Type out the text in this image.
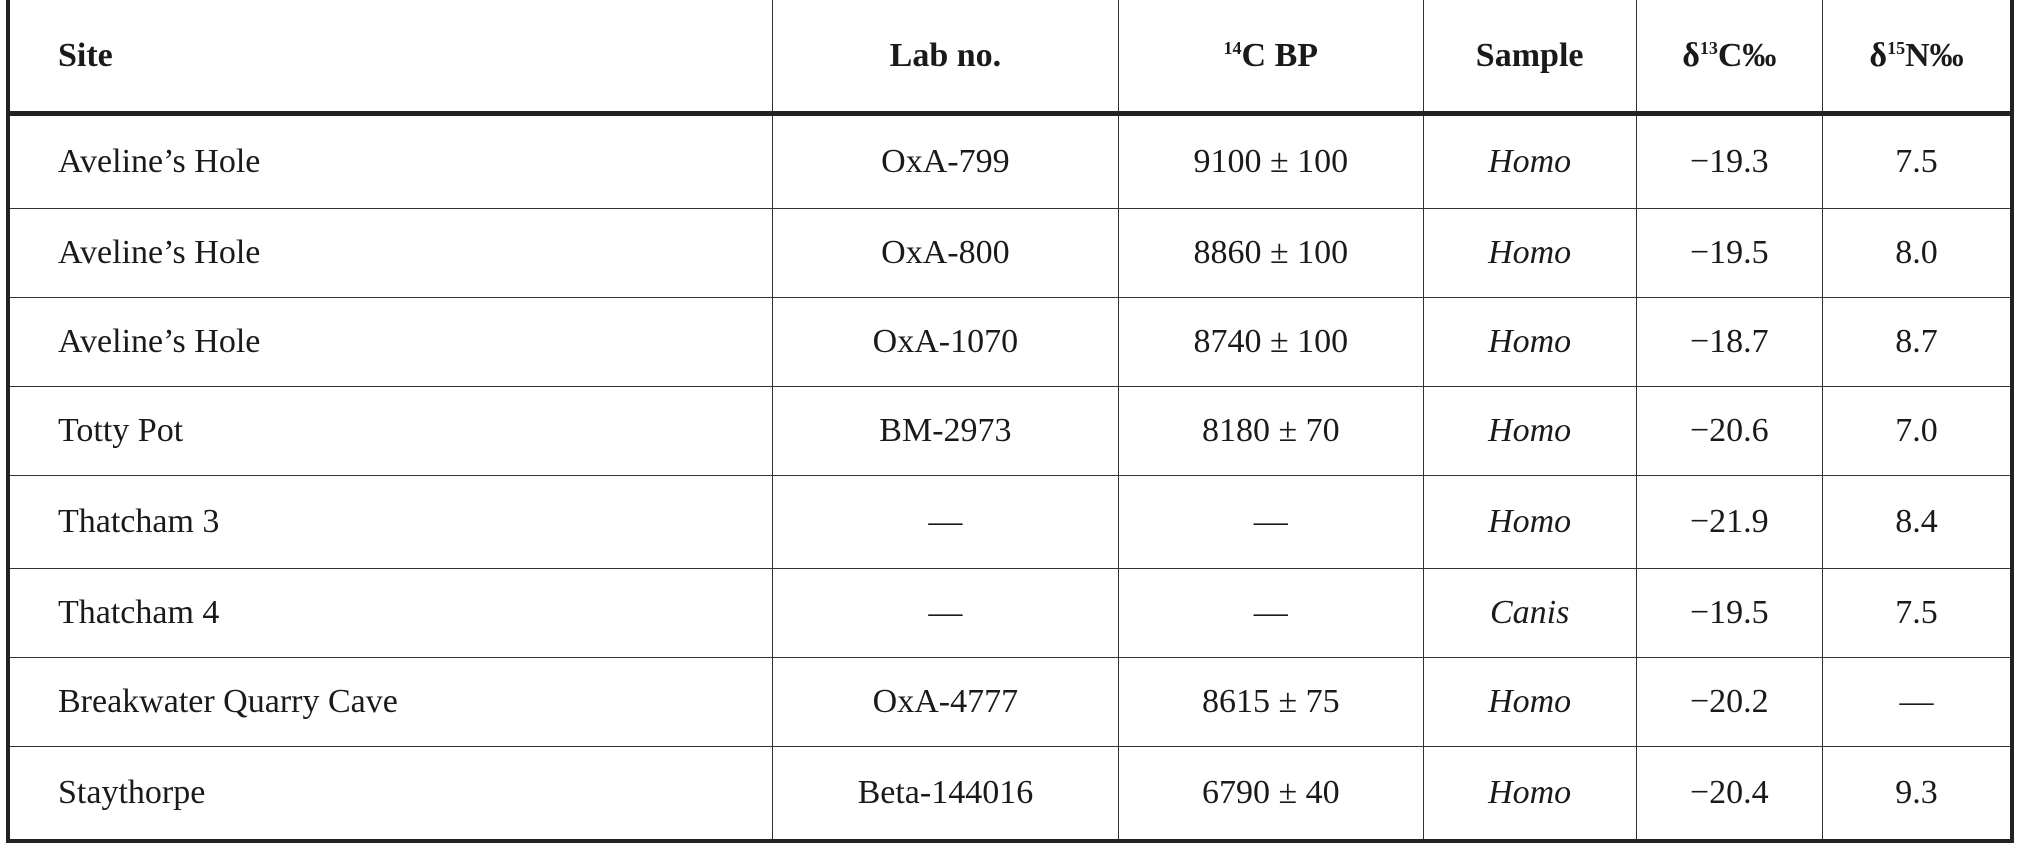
Site	Lab no.	$^{14}$C BP	Sample	$\delta^{13}C‰$	$\delta^{15}N‰$
Aveline’s Hole	OxA-799	9100 ± 100	Homo	−19.3	7.5
Aveline’s Hole	OxA-800	8860 ± 100	Homo	−19.5	8.0
Aveline’s Hole	OxA-1070	8740 ± 100	Homo	−18.7	8.7
Totty Pot	BM-2973	8180 ± 70	Homo	−20.6	7.0
Thatcham 3	—	—	Homo	−21.9	8.4
Thatcham 4	—	—	Canis	−19.5	7.5
Breakwater Quarry Cave	OxA-4777	8615 ± 75	Homo	−20.2	—
Staythorpe	Beta-144016	6790 ± 40	Homo	−20.4	9.3
